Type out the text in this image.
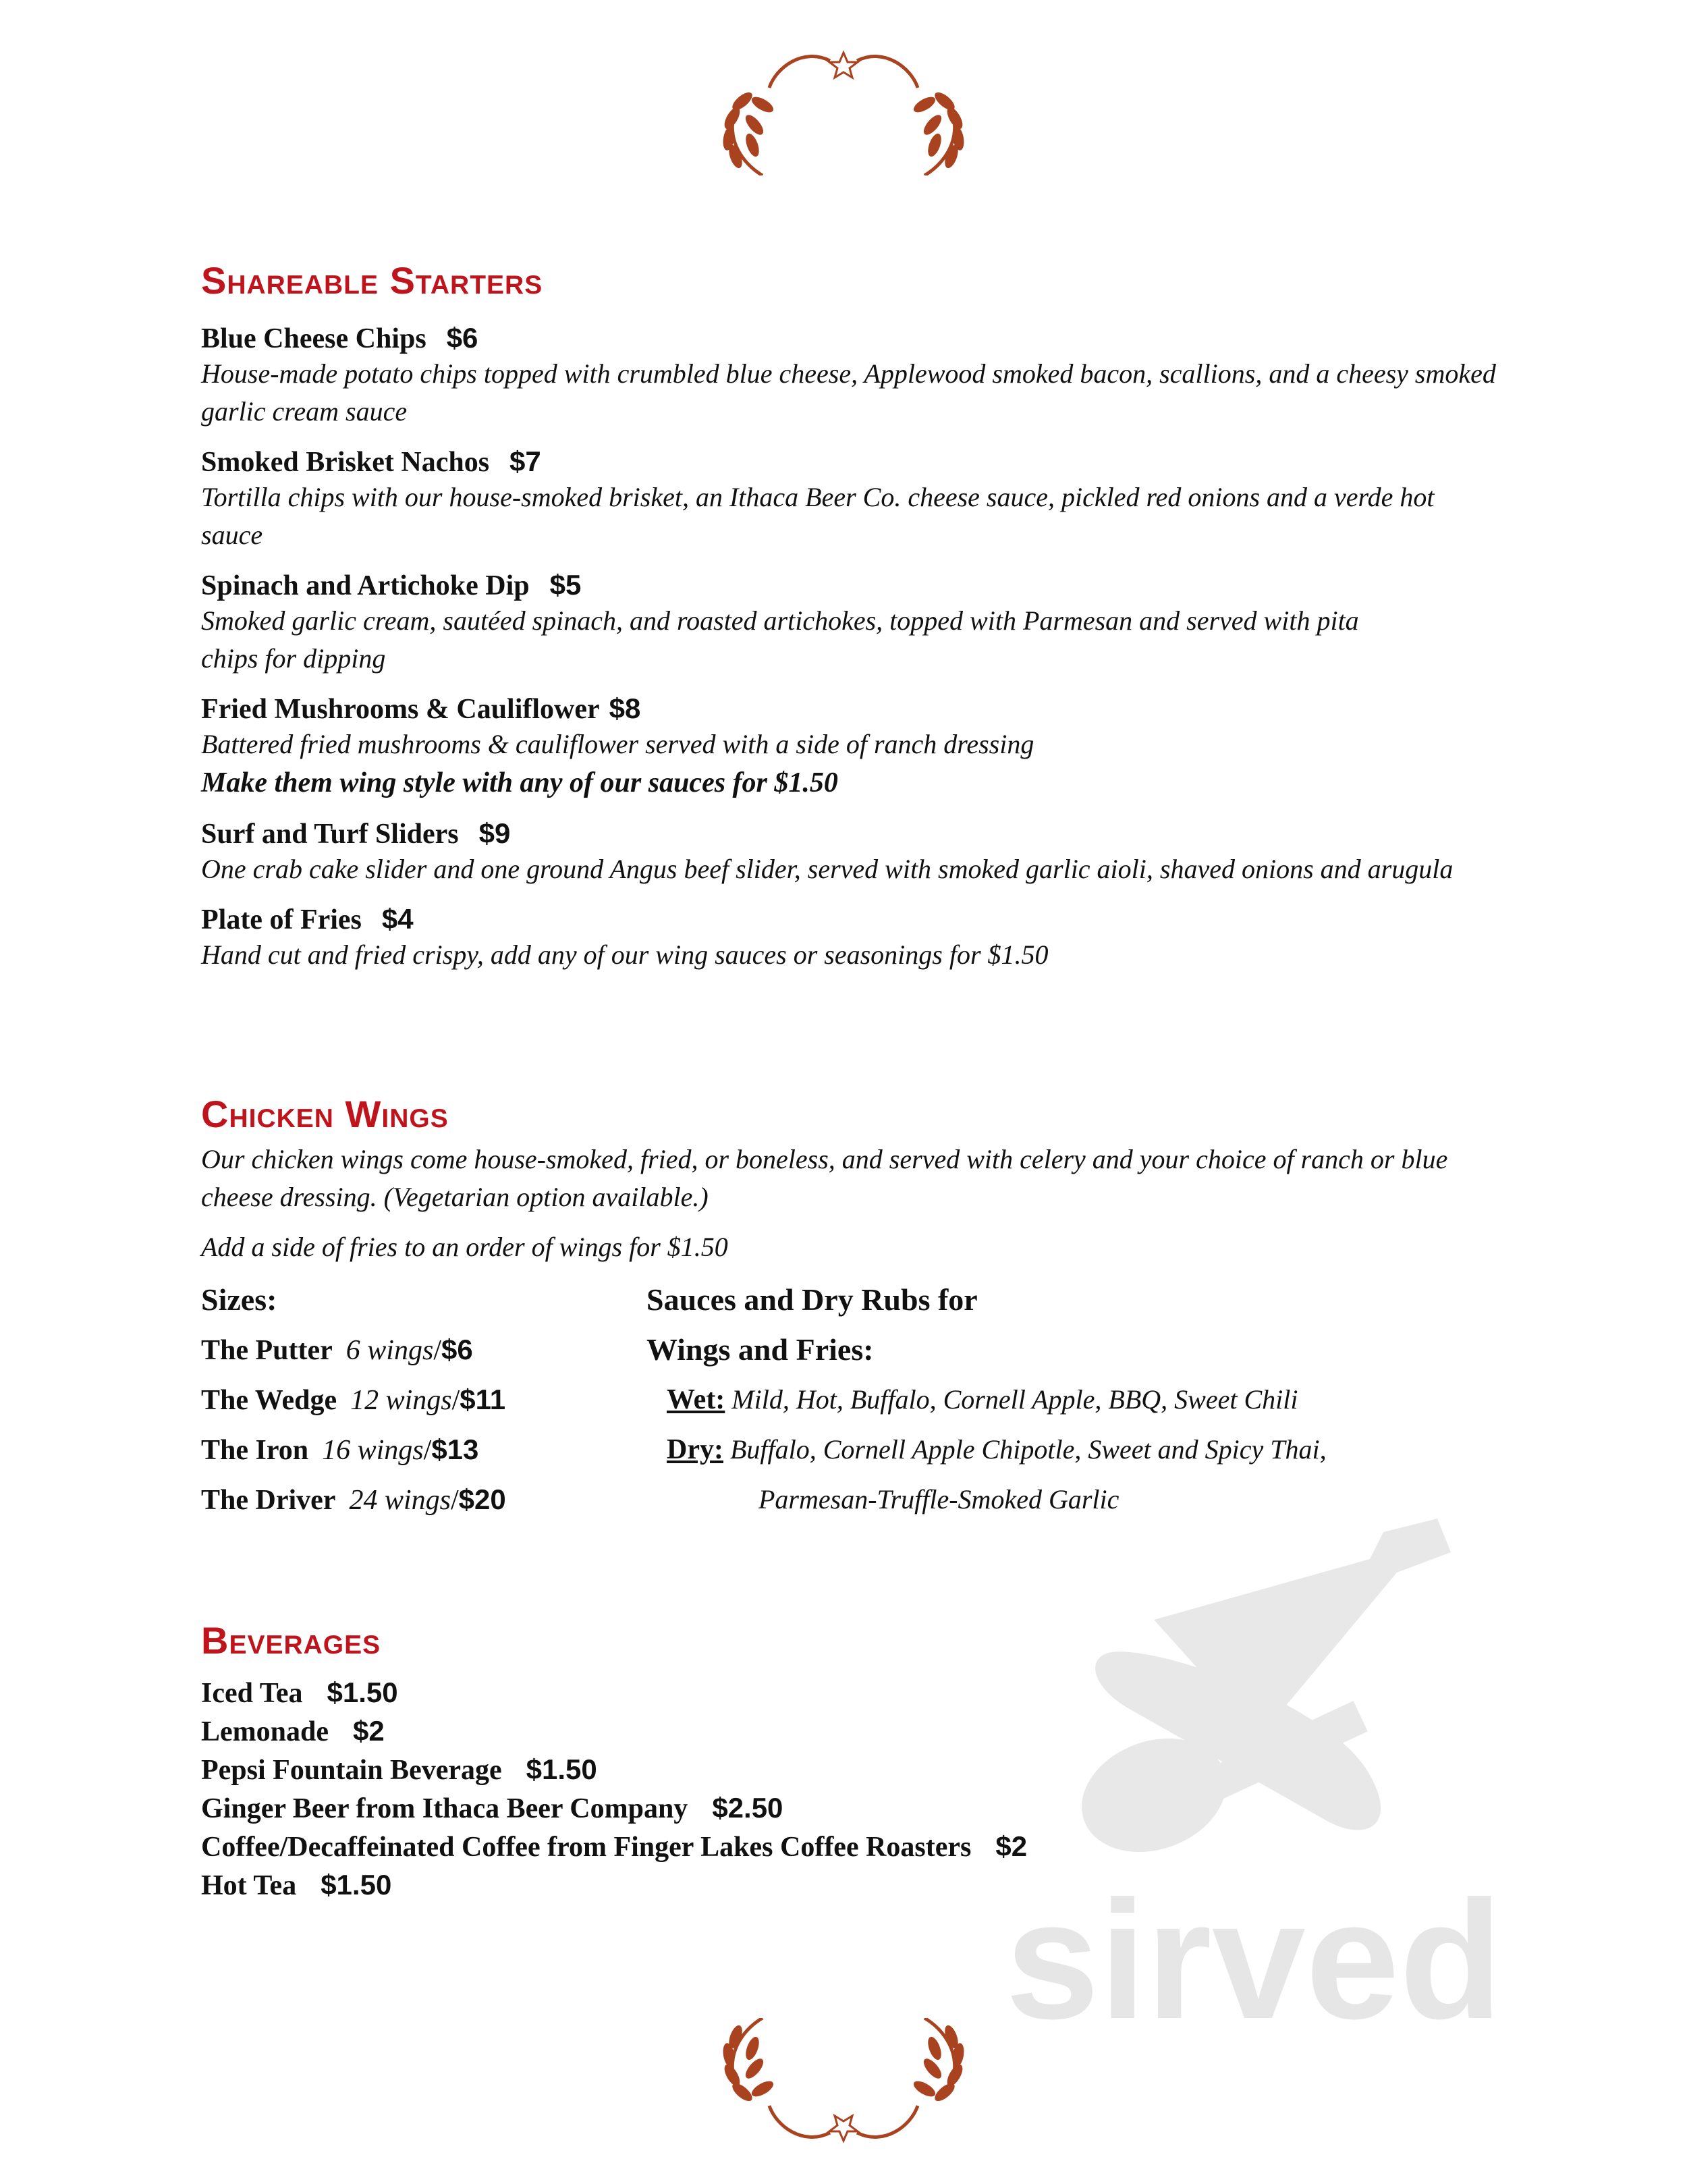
sirved
Shareable Starters
Blue Cheese Chips $6
House-made potato chips topped with crumbled blue cheese, Applewood smoked bacon, scallions, and a cheesy smoked garlic cream sauce
Smoked Brisket Nachos $7
Tortilla chips with our house-smoked brisket, an Ithaca Beer Co. cheese sauce, pickled red onions and a verde hot sauce
Spinach and Artichoke Dip $5
Smoked garlic cream, sautéed spinach, and roasted artichokes, topped with Parmesan and served with pita chips for dipping
Fried Mushrooms & Cauliflower $8
Battered fried mushrooms & cauliflower served with a side of ranch dressing
Make them wing style with any of our sauces for $1.50
Surf and Turf Sliders $9
One crab cake slider and one ground Angus beef slider, served with smoked garlic aioli, shaved onions and arugula
Plate of Fries $4
Hand cut and fried crispy, add any of our wing sauces or seasonings for $1.50
Chicken Wings
Our chicken wings come house-smoked, fried, or boneless, and served with celery and your choice of ranch or blue cheese dressing. (Vegetarian option available.)
Add a side of fries to an order of wings for $1.50
Sizes:
The Putter 6 wings/$6
The Wedge 12 wings/$11
The Iron 16 wings/$13
The Driver 24 wings/$20
Sauces and Dry Rubs for
Wings and Fries:
Wet: Mild, Hot, Buffalo, Cornell Apple, BBQ, Sweet Chili
Dry: Buffalo, Cornell Apple Chipotle, Sweet and Spicy Thai,
Parmesan-Truffle-Smoked Garlic
Beverages
Iced Tea $1.50
Lemonade $2
Pepsi Fountain Beverage $1.50
Ginger Beer from Ithaca Beer Company $2.50
Coffee/Decaffeinated Coffee from Finger Lakes Coffee Roasters $2
Hot Tea $1.50
